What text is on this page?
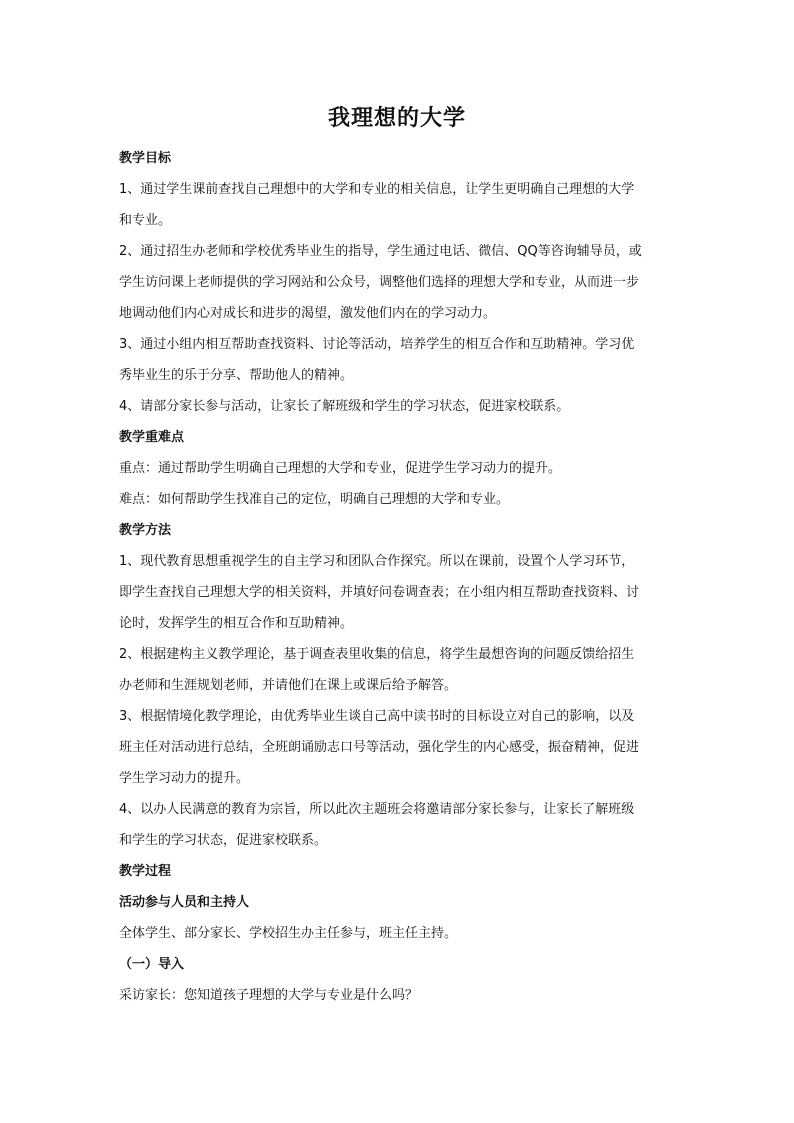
我理想的大学
教学目标
1、通过学生课前查找自己理想中的大学和专业的相关信息，让学生更明确自己理想的大学
和专业。
2、通过招生办老师和学校优秀毕业生的指导，学生通过电话、微信、QQ等咨询辅导员，或
学生访问课上老师提供的学习网站和公众号，调整他们选择的理想大学和专业，从而进一步
地调动他们内心对成长和进步的渴望，激发他们内在的学习动力。
3、通过小组内相互帮助查找资料、讨论等活动，培养学生的相互合作和互助精神。学习优
秀毕业生的乐于分享、帮助他人的精神。
4、请部分家长参与活动，让家长了解班级和学生的学习状态，促进家校联系。
教学重难点
重点：通过帮助学生明确自己理想的大学和专业，促进学生学习动力的提升。
难点：如何帮助学生找准自己的定位，明确自己理想的大学和专业。
教学方法
1、现代教育思想重视学生的自主学习和团队合作探究。所以在课前，设置个人学习环节，
即学生查找自己理想大学的相关资料，并填好问卷调查表；在小组内相互帮助查找资料、讨
论时，发挥学生的相互合作和互助精神。
2、根据建构主义教学理论，基于调查表里收集的信息，将学生最想咨询的问题反馈给招生
办老师和生涯规划老师，并请他们在课上或课后给予解答。
3、根据情境化教学理论，由优秀毕业生谈自己高中读书时的目标设立对自己的影响，以及
班主任对活动进行总结，全班朗诵励志口号等活动，强化学生的内心感受，振奋精神，促进
学生学习动力的提升。
4、以办人民满意的教育为宗旨，所以此次主题班会将邀请部分家长参与，让家长了解班级
和学生的学习状态，促进家校联系。
教学过程
活动参与人员和主持人
全体学生、部分家长、学校招生办主任参与，班主任主持。
（一）导入
采访家长：您知道孩子理想的大学与专业是什么吗？
